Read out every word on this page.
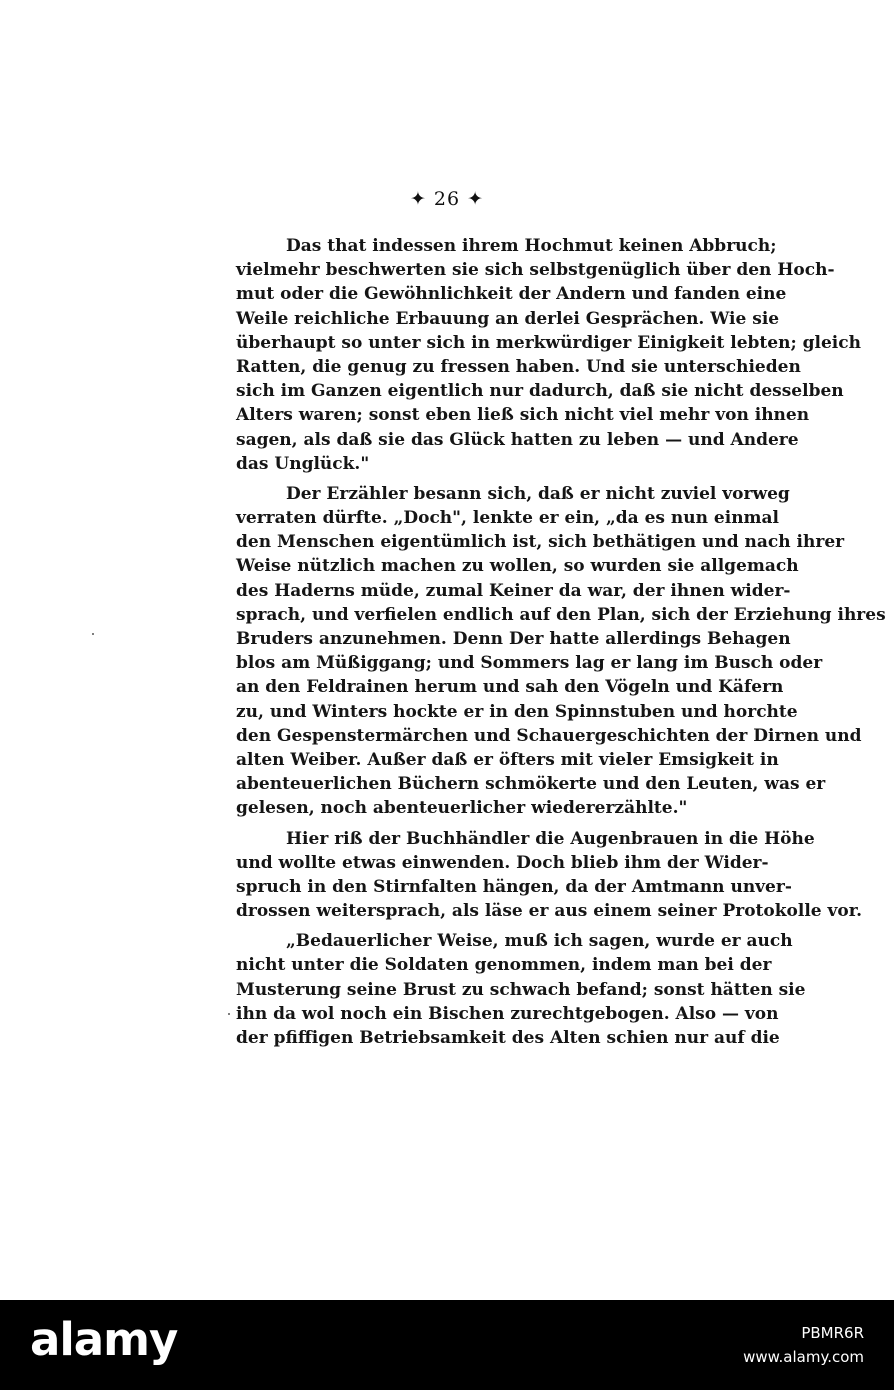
✦ 26 ✦
Das that indessen ihrem Hochmut keinen Abbruch;
vielmehr beschwerten sie sich selbstgenüglich über den Hoch-
mut oder die Gewöhnlichkeit der Andern und fanden eine
Weile reichliche Erbauung an derlei Gesprächen. Wie sie
überhaupt so unter sich in merkwürdiger Einigkeit lebten; gleich
Ratten, die genug zu fressen haben. Und sie unterschieden
sich im Ganzen eigentlich nur dadurch, daß sie nicht desselben
Alters waren; sonst eben ließ sich nicht viel mehr von ihnen
sagen, als daß sie das Glück hatten zu leben — und Andere
das Unglück."
Der Erzähler besann sich, daß er nicht zuviel vorweg
verraten dürfte. „Doch", lenkte er ein, „da es nun einmal
den Menschen eigentümlich ist, sich bethätigen und nach ihrer
Weise nützlich machen zu wollen, so wurden sie allgemach
des Haderns müde, zumal Keiner da war, der ihnen wider-
sprach, und verfielen endlich auf den Plan, sich der Erziehung ihres
Bruders anzunehmen. Denn Der hatte allerdings Behagen
blos am Müßiggang; und Sommers lag er lang im Busch oder
an den Feldrainen herum und sah den Vögeln und Käfern
zu, und Winters hockte er in den Spinnstuben und horchte
den Gespenstermärchen und Schauergeschichten der Dirnen und
alten Weiber. Außer daß er öfters mit vieler Emsigkeit in
abenteuerlichen Büchern schmökerte und den Leuten, was er
gelesen, noch abenteuerlicher wiedererzählte."
Hier riß der Buchhändler die Augenbrauen in die Höhe
und wollte etwas einwenden. Doch blieb ihm der Wider-
spruch in den Stirnfalten hängen, da der Amtmann unver-
drossen weitersprach, als läse er aus einem seiner Protokolle vor.
„Bedauerlicher Weise, muß ich sagen, wurde er auch
nicht unter die Soldaten genommen, indem man bei der
Musterung seine Brust zu schwach befand; sonst hätten sie
ihn da wol noch ein Bischen zurechtgebogen. Also — von
der pfiffigen Betriebsamkeit des Alten schien nur auf die
alamy	PBMR6R
www.alamy.com
